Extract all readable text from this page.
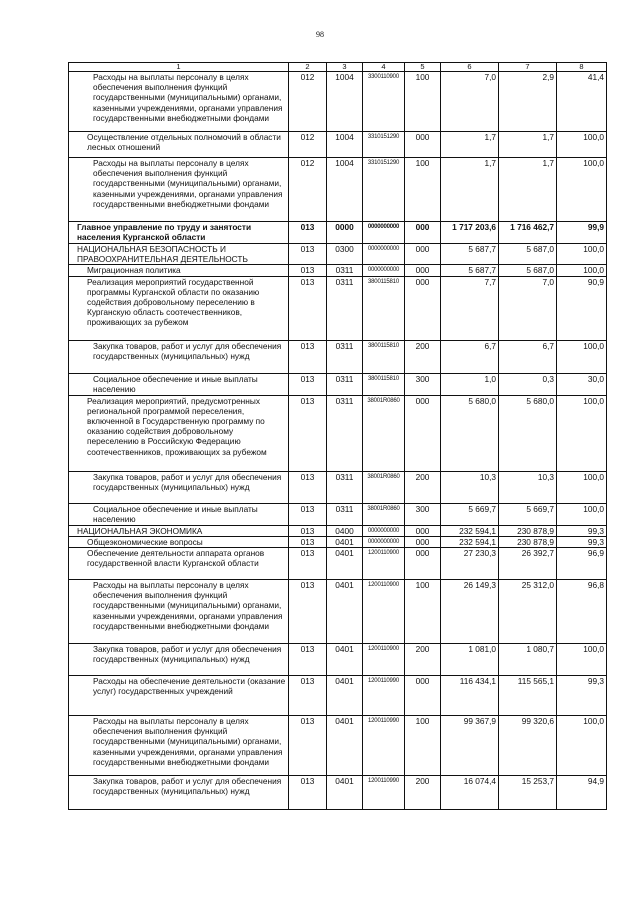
98
1	2	3	4	5	6	7	8
Расходы на выплаты персоналу в целях обеспечения выполнения функций государственными (муниципальными) органами, казенными учреждениями, органами управления государственными внебюджетными фондами	012	1004	3300110900	100	7,0	2,9	41,4
Осуществление отдельных полномочий в области лесных отношений	012	1004	3310151290	000	1,7	1,7	100,0
Расходы на выплаты персоналу в целях обеспечения выполнения функций государственными (муниципальными) органами, казенными учреждениями, органами управления государственными внебюджетными фондами	012	1004	3310151290	100	1,7	1,7	100,0
Главное управление по труду и занятости населения Курганской области	013	0000	0000000000	000	1 717 203,6	1 716 462,7	99,9
НАЦИОНАЛЬНАЯ БЕЗОПАСНОСТЬ И ПРАВООХРАНИТЕЛЬНАЯ ДЕЯТЕЛЬНОСТЬ	013	0300	0000000000	000	5 687,7	5 687,0	100,0
Миграционная политика	013	0311	0000000000	000	5 687,7	5 687,0	100,0
Реализация мероприятий государственной программы Курганской области по оказанию содействия добровольному переселению в Курганскую область соотечественников, проживающих за рубежом	013	0311	3800115810	000	7,7	7,0	90,9
Закупка товаров, работ и услуг для обеспечения государственных (муниципальных) нужд	013	0311	3800115810	200	6,7	6,7	100,0
Социальное обеспечение и иные выплаты населению	013	0311	3800115810	300	1,0	0,3	30,0
Реализация мероприятий, предусмотренных региональной программой переселения, включенной в Государственную программу по оказанию содействия добровольному переселению в Российскую Федерацию соотечественников, проживающих за рубежом	013	0311	38001R0860	000	5 680,0	5 680,0	100,0
Закупка товаров, работ и услуг для обеспечения государственных (муниципальных) нужд	013	0311	38001R0860	200	10,3	10,3	100,0
Социальное обеспечение и иные выплаты населению	013	0311	38001R0860	300	5 669,7	5 669,7	100,0
НАЦИОНАЛЬНАЯ ЭКОНОМИКА	013	0400	0000000000	000	232 594,1	230 878,9	99,3
Общеэкономические вопросы	013	0401	0000000000	000	232 594,1	230 878,9	99,3
Обеспечение деятельности аппарата органов государственной власти Курганской области	013	0401	1200110900	000	27 230,3	26 392,7	96,9
Расходы на выплаты персоналу в целях обеспечения выполнения функций государственными (муниципальными) органами, казенными учреждениями, органами управления государственными внебюджетными фондами	013	0401	1200110900	100	26 149,3	25 312,0	96,8
Закупка товаров, работ и услуг для обеспечения государственных (муниципальных) нужд	013	0401	1200110900	200	1 081,0	1 080,7	100,0
Расходы на обеспечение деятельности (оказание услуг) государственных учреждений	013	0401	1200110990	000	116 434,1	115 565,1	99,3
Расходы на выплаты персоналу в целях обеспечения выполнения функций государственными (муниципальными) органами, казенными учреждениями, органами управления государственными внебюджетными фондами	013	0401	1200110990	100	99 367,9	99 320,6	100,0
Закупка товаров, работ и услуг для обеспечения государственных (муниципальных) нужд	013	0401	1200110990	200	16 074,4	15 253,7	94,9
